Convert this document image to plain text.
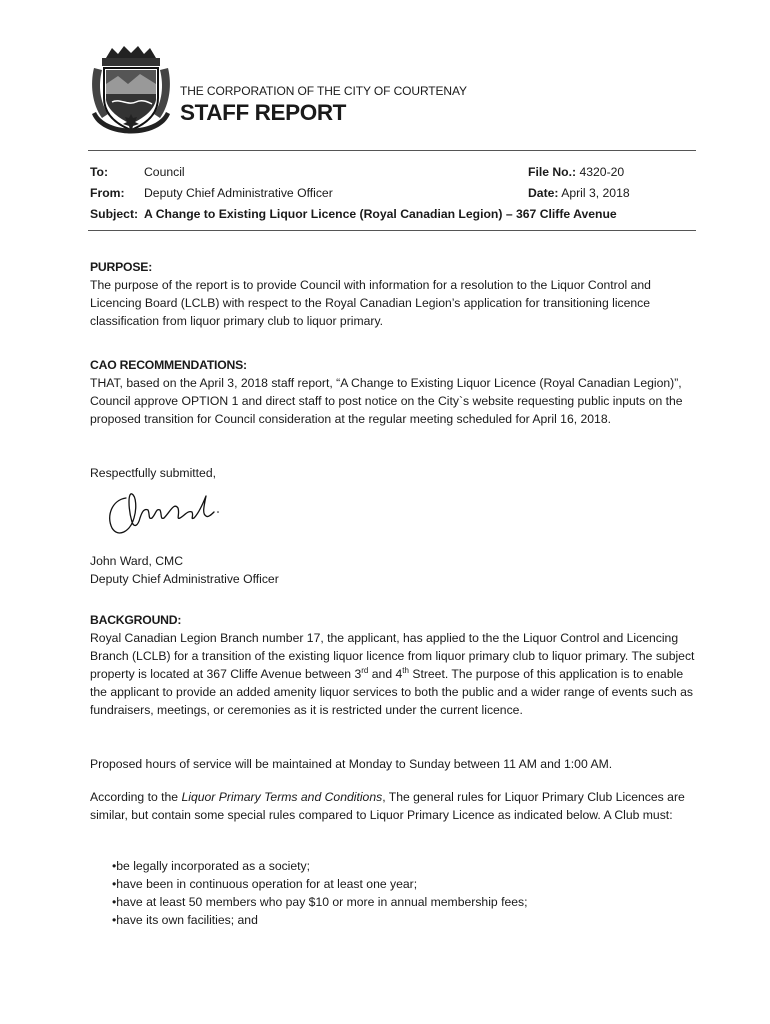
THE CORPORATION OF THE CITY OF COURTENAY
STAFF REPORT
To:	Council
From: Deputy Chief Administrative Officer
Subject: A Change to Existing Liquor Licence (Royal Canadian Legion) – 367 Cliffe Avenue
File No.: 4320-20
Date: April 3, 2018

PURPOSE:

The purpose of the report is to provide Council with information for a resolution to the Liquor Control and Licencing Board (LCLB) with respect to the Royal Canadian Legion’s application for transitioning licence classification from liquor primary club to liquor primary.

CAO RECOMMENDATIONS:

THAT, based on the April 3, 2018 staff report, “A Change to Existing Liquor Licence (Royal Canadian Legion)”, Council approve OPTION 1 and direct staff to post notice on the City`s website requesting public inputs on the proposed transition for Council consideration at the regular meeting scheduled for April 16, 2018.

Respectfully submitted,

John Ward, CMC

Deputy Chief Administrative Officer

BACKGROUND:

Royal Canadian Legion Branch number 17, the applicant, has applied to the the Liquor Control and Licencing Branch (LCLB) for a transition of the existing liquor licence from liquor primary club to liquor primary. The subject property is located at 367 Cliffe Avenue between 3rd and 4th Street. The purpose of this application is to enable the applicant to provide an added amenity liquor services to both the public and a wider range of events such as fundraisers, meetings, or ceremonies as it is restricted under the current licence.

Proposed hours of service will be maintained at Monday to Sunday between 11 AM and 1:00 AM.
According to the Liquor Primary Terms and Conditions, The general rules for Liquor Primary Club Licences are similar, but contain some special rules compared to Liquor Primary Licence as indicated below. A Club must:
• be legally incorporated as a society;
• have been in continuous operation for at least one year;
• have at least 50 members who pay $10 or more in annual membership fees;
• have its own facilities; and
